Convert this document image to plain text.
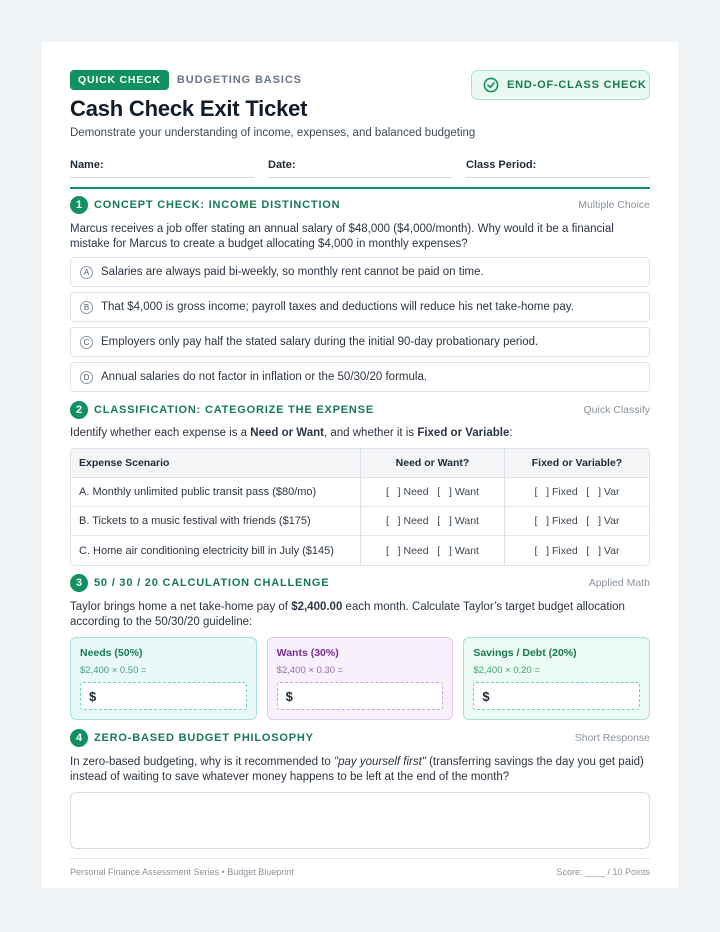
QUICK CHECK	BUDGETING BASICS	END-OF-CLASS CHECK
Cash Check Exit Ticket
Demonstrate your understanding of income, expenses, and balanced budgeting
Name:	Date:	Class Period:
1	CONCEPT CHECK: INCOME DISTINCTION	Multiple Choice
Marcus receives a job offer stating an annual salary of $48,000 ($4,000/month). Why would it be a financial mistake for Marcus to create a budget allocating $4,000 in monthly expenses?
A	Salaries are always paid bi-weekly, so monthly rent cannot be paid on time.
B	That $4,000 is gross income; payroll taxes and deductions will reduce his net take-home pay.
C	Employers only pay half the stated salary during the initial 90-day probationary period.
D	Annual salaries do not factor in inflation or the 50/30/20 formula.
2	CLASSIFICATION: CATEGORIZE THE EXPENSE	Quick Classify
Identify whether each expense is a Need or Want, and whether it is Fixed or Variable:
Expense Scenario	Need or Want?	Fixed or Variable?
A. Monthly unlimited public transit pass ($80/mo)	[   ] Need   [   ] Want	[   ] Fixed   [   ] Var
B. Tickets to a music festival with friends ($175)	[   ] Need   [   ] Want	[   ] Fixed   [   ] Var
C. Home air conditioning electricity bill in July ($145)	[   ] Need   [   ] Want	[   ] Fixed   [   ] Var
3	50 / 30 / 20 CALCULATION CHALLENGE	Applied Math
Taylor brings home a net take-home pay of $2,400.00 each month. Calculate Taylor’s target budget allocation according to the 50/30/20 guideline:
Needs (50%)
$2,400 × 0.50 =
$
Wants (30%)
$2,400 × 0.30 =
$
Savings / Debt (20%)
$2,400 × 0.20 =
$
4	ZERO-BASED BUDGET PHILOSOPHY	Short Response
In zero-based budgeting, why is it recommended to "pay yourself first" (transferring savings the day you get paid) instead of waiting to save whatever money happens to be left at the end of the month?
Personal Finance Assessment Series • Budget Blueprint	Score: ____ / 10 Points
